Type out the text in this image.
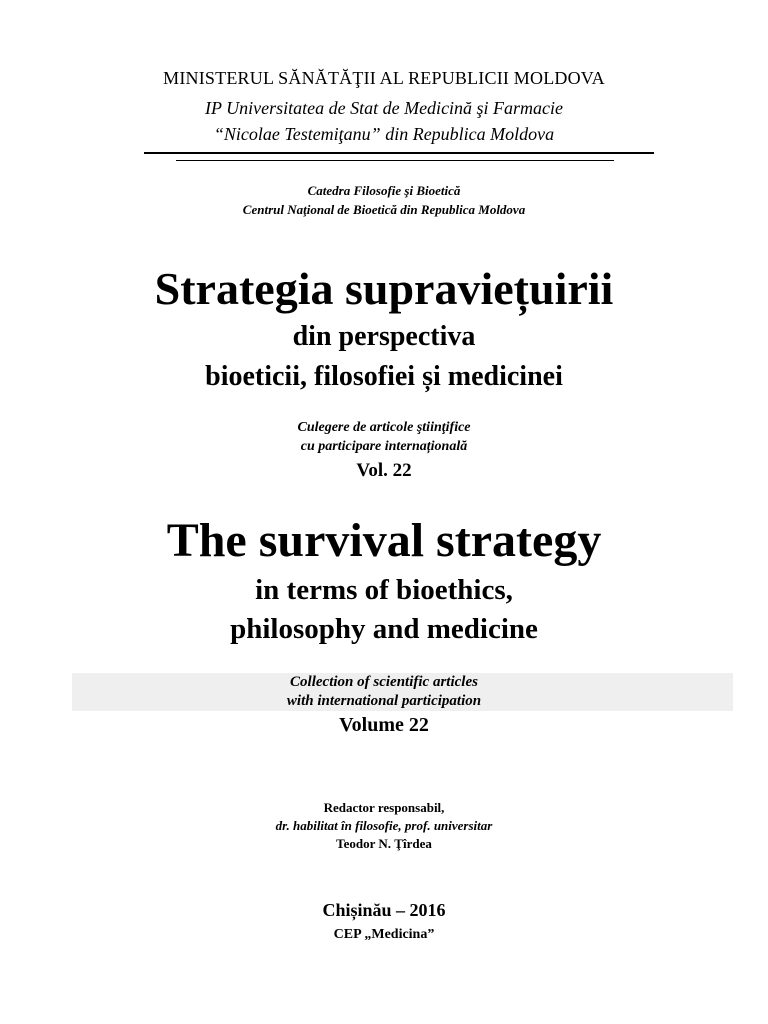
MINISTERUL SĂNĂTĂŢII AL REPUBLICII MOLDOVA
IP Universitatea de Stat de Medicină şi Farmacie
“Nicolae Testemiţanu” din Republica Moldova
Catedra Filosofie şi Bioetică
Centrul Naţional de Bioetică din Republica Moldova
Strategia supraviețuirii
din perspectiva
bioeticii, filosofiei și medicinei
Culegere de articole ştiinţifice
cu participare internațională
Vol. 22
The survival strategy
in terms of bioethics,
philosophy and medicine
Collection of scientific articles
with international participation
Volume 22
Redactor responsabil,
dr. habilitat în filosofie, prof. universitar
Teodor N. Ţîrdea
Chișinău – 2016
CEP „Medicina”
